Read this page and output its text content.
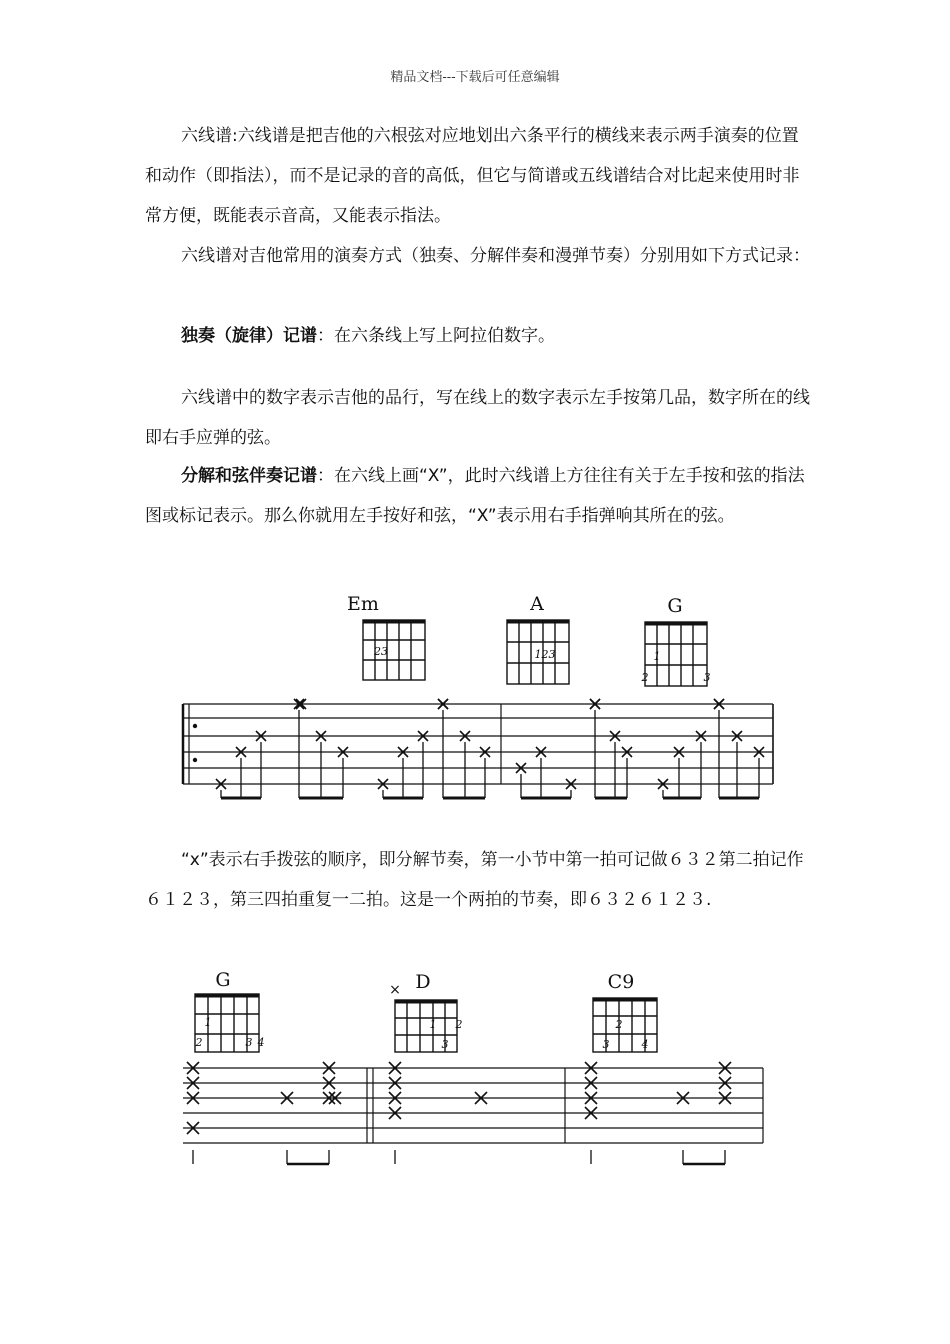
精品文档---下载后可任意编辑

六线谱:六线谱是把吉他的六根弦对应地划出六条平行的横线来表示两手演奏的位置和动作（即指法），而不是记录的音的高低，但它与简谱或五线谱结合对比起来使用时非常方便，既能表示音高，又能表示指法。

六线谱对吉他常用的演奏方式（独奏、分解伴奏和漫弹节奏）分别用如下方式记录：

独奏（旋律）记谱：在六条线上写上阿拉伯数字。

六线谱中的数字表示吉他的品行，写在线上的数字表示左手按第几品，数字所在的线即右手应弹的弦。

分解和弦伴奏记谱：在六线上画“X”，此时六线谱上方往往有关于左手按和弦的指法图或标记表示。那么你就用左手按好和弦，“X”表示用右手指弹响其所在的弦。

Em	A	G
23	123	1
2	3

“x”表示右手拨弦的顺序，即分解节奏，第一小节中第一拍可记做６３２第二拍记作６１２３，第三四拍重复一二拍。这是一个两拍的节奏，即６３２６１２３.

G	D	C9
×
1
2	3 4
1 2
3
2
3	4
